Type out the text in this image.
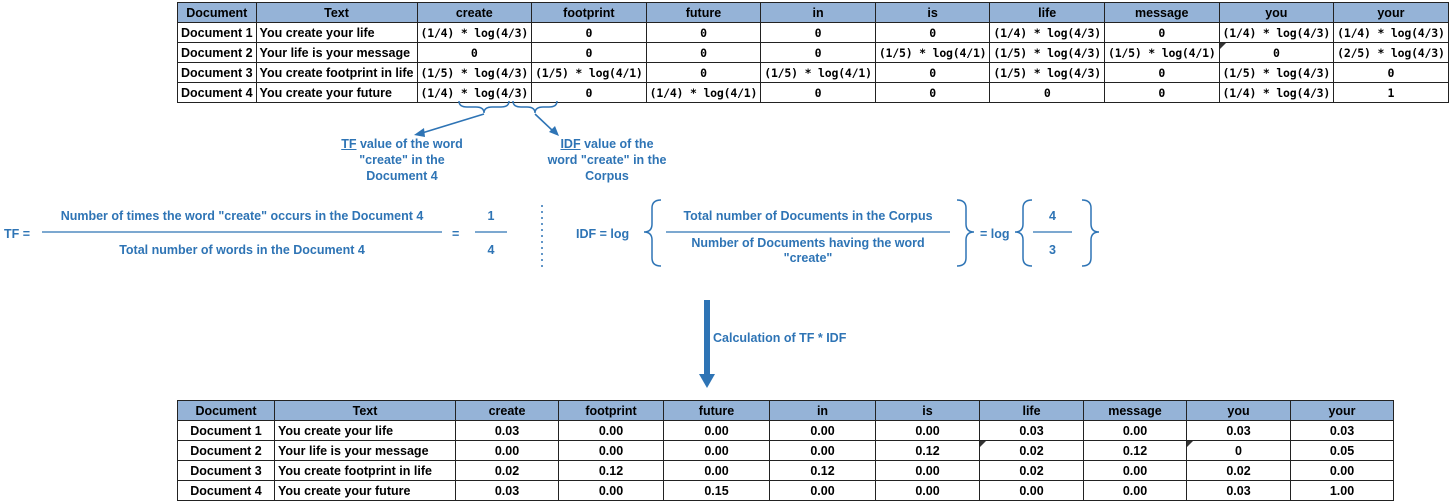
Document	Text	create	footprint	future	in	is	life	message	you	your
Document 1	You create your life	(1/4) * log(4/3)	0	0	0	0	(1/4) * log(4/3)	0	(1/4) * log(4/3)	(1/4) * log(4/3)
Document 2	Your life is your message	0	0	0	0	(1/5) * log(4/1)	(1/5) * log(4/3)	(1/5) * log(4/1)	0	(2/5) * log(4/3)
Document 3	You create footprint in life	(1/5) * log(4/3)	(1/5) * log(4/1)	0	(1/5) * log(4/1)	0	(1/5) * log(4/3)	0	(1/5) * log(4/3)	0
Document 4	You create your future	(1/4) * log(4/3)	0	(1/4) * log(4/1)	0	0	0	0	(1/4) * log(4/3)	1
TF value of the word
"create" in the
Document 4
IDF value of the
word "create" in the
Corpus
TF =
Number of times the word "create" occurs in the Document 4
Total number of words in the Document 4
=
1
4
IDF = log
Total number of Documents in the Corpus
Number of Documents having the word
"create"
= log
4
3
Calculation of TF * IDF
Document	Text	create	footprint	future	in	is	life	message	you	your
Document 1	You create your life	0.03	0.00	0.00	0.00	0.00	0.03	0.00	0.03	0.03
Document 2	Your life is your message	0.00	0.00	0.00	0.00	0.12	0.02	0.12	0	0.05
Document 3	You create footprint in life	0.02	0.12	0.00	0.12	0.00	0.02	0.00	0.02	0.00
Document 4	You create your future	0.03	0.00	0.15	0.00	0.00	0.00	0.00	0.03	1.00
